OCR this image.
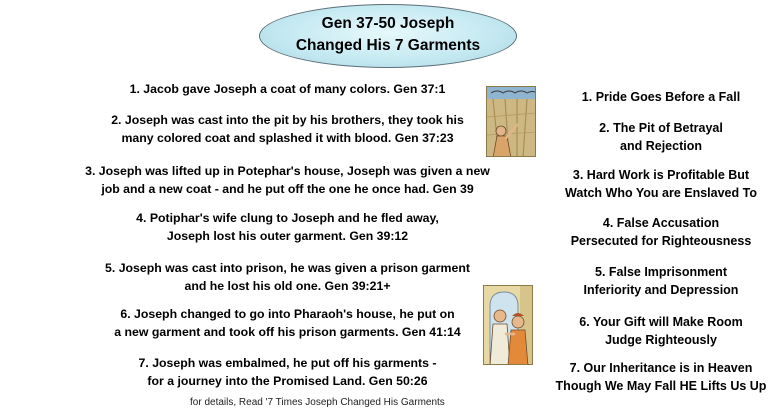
Gen 37-50 Joseph
Changed His 7 Garments
1. Jacob gave Joseph a coat of many colors. Gen 37:1
2. Joseph was cast into the pit by his brothers, they took his
many colored coat and splashed it with blood. Gen 37:23
3. Joseph was lifted up in Potephar's house, Joseph was given a new
job and a new coat - and he put off the one he once had. Gen 39
4. Potiphar's wife clung to Joseph and he fled away,
Joseph lost his outer garment. Gen 39:12
5. Joseph was cast into prison, he was given a prison garment
and he lost his old one. Gen 39:21+
6. Joseph changed to go into Pharaoh's house, he put on
a new garment and took off his prison garments. Gen 41:14
7. Joseph was embalmed, he put off his garments -
for a journey into the Promised Land. Gen 50:26
1. Pride Goes Before a Fall
2. The Pit of Betrayal
and Rejection
3. Hard Work is Profitable But
Watch Who You are Enslaved To
4. False Accusation
Persecuted for Righteousness
5. False Imprisonment
Inferiority and Depression
6. Your Gift will Make Room
Judge Righteously
7. Our Inheritance is in Heaven
Though We May Fall HE Lifts Us Up
for details, Read '7 Times Joseph Changed His Garments
